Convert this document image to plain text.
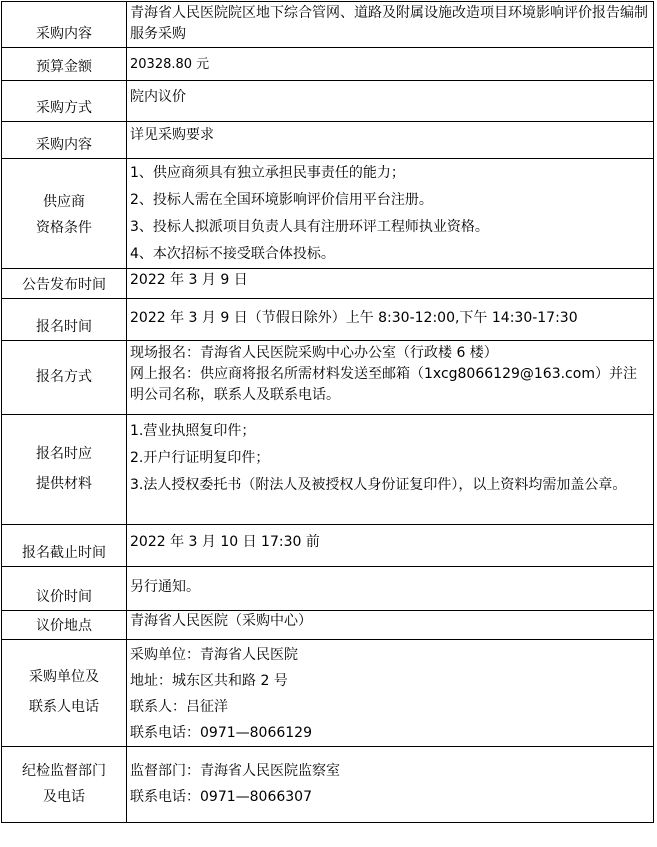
采购内容	青海省人民医院院区地下综合管网、道路及附属设施改造项目环境影响评价报告编制服务采购

预算金额	20328.80 元

采购方式	院内议价

采购内容	详见采购要求

供应商
资格条件	1、供应商须具有独立承担民事责任的能力；
2、投标人需在全国环境影响评价信用平台注册。
3、投标人拟派项目负责人具有注册环评工程师执业资格。
4、本次招标不接受联合体投标。

公告发布时间	2022 年 3 月 9 日

报名时间	2022 年 3 月 9 日（节假日除外）上午 8:30-12:00,下午 14:30-17:30

报名方式	现场报名：青海省人民医院采购中心办公室（行政楼 6 楼）
网上报名：供应商将报名所需材料发送至邮箱（1xcg8066129@163.com）并注明公司名称，联系人及联系电话。

报名时应
提供材料	1.营业执照复印件；
2.开户行证明复印件；
3.法人授权委托书（附法人及被授权人身份证复印件），以上资料均需加盖公章。

报名截止时间	2022 年 3 月 10 日 17:30 前

议价时间	另行通知。

议价地点	青海省人民医院（采购中心）

采购单位及
联系人电话	采购单位：青海省人民医院
地址：城东区共和路 2 号
联系人：吕征洋
联系电话：0971—8066129

纪检监督部门
及电话	监督部门：青海省人民医院监察室
联系电话：0971—8066307
